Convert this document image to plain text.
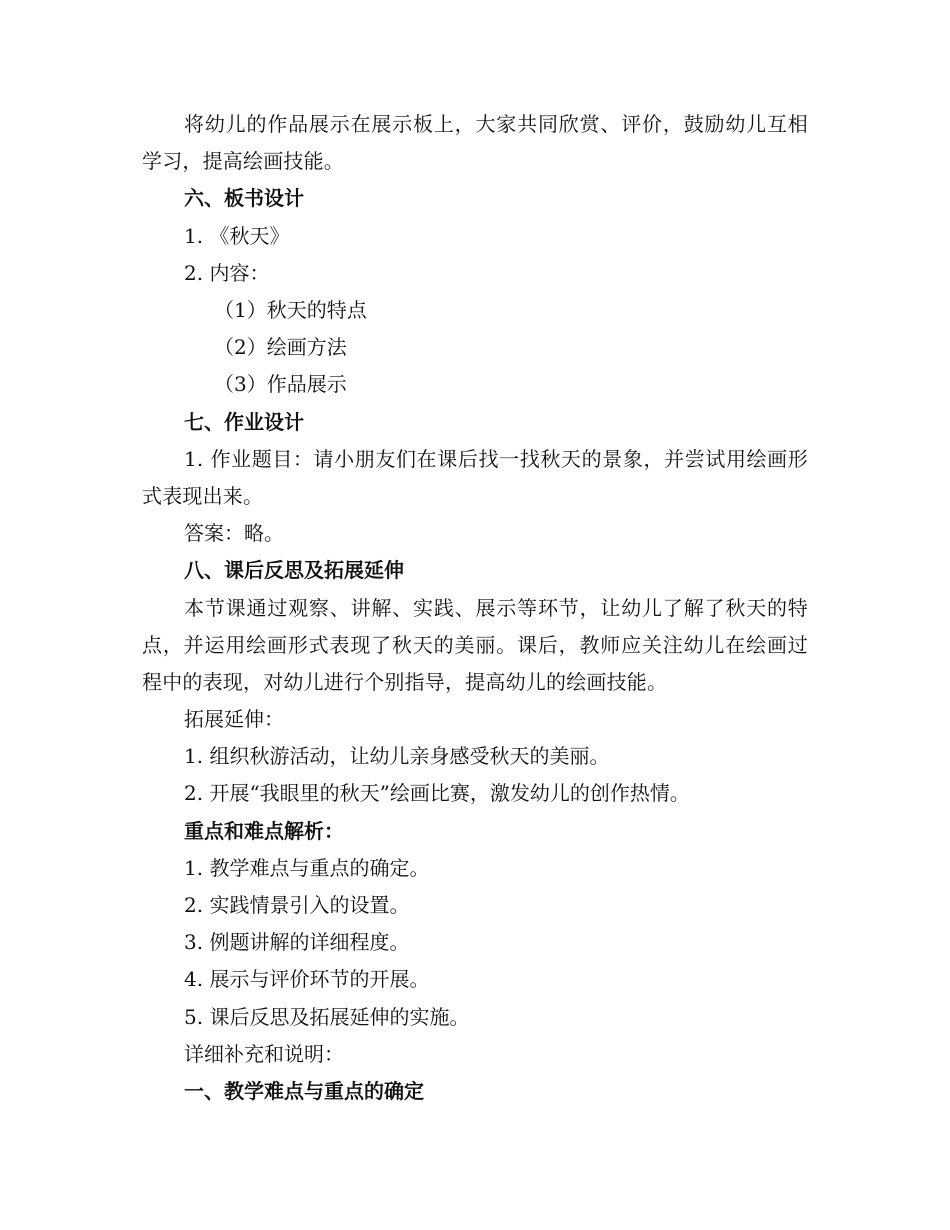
将幼儿的作品展示在展示板上，大家共同欣赏、评价，鼓励幼儿互相学习，提高绘画技能。
六、板书设计
1. 《秋天》
2. 内容：
（1）秋天的特点
（2）绘画方法
（3）作品展示
七、作业设计
1. 作业题目：请小朋友们在课后找一找秋天的景象，并尝试用绘画形式表现出来。
答案：略。
八、课后反思及拓展延伸
本节课通过观察、讲解、实践、展示等环节，让幼儿了解了秋天的特点，并运用绘画形式表现了秋天的美丽。课后，教师应关注幼儿在绘画过程中的表现，对幼儿进行个别指导，提高幼儿的绘画技能。
拓展延伸：
1. 组织秋游活动，让幼儿亲身感受秋天的美丽。
2. 开展“我眼里的秋天”绘画比赛，激发幼儿的创作热情。
重点和难点解析：
1. 教学难点与重点的确定。
2. 实践情景引入的设置。
3. 例题讲解的详细程度。
4. 展示与评价环节的开展。
5. 课后反思及拓展延伸的实施。
详细补充和说明：
一、教学难点与重点的确定
